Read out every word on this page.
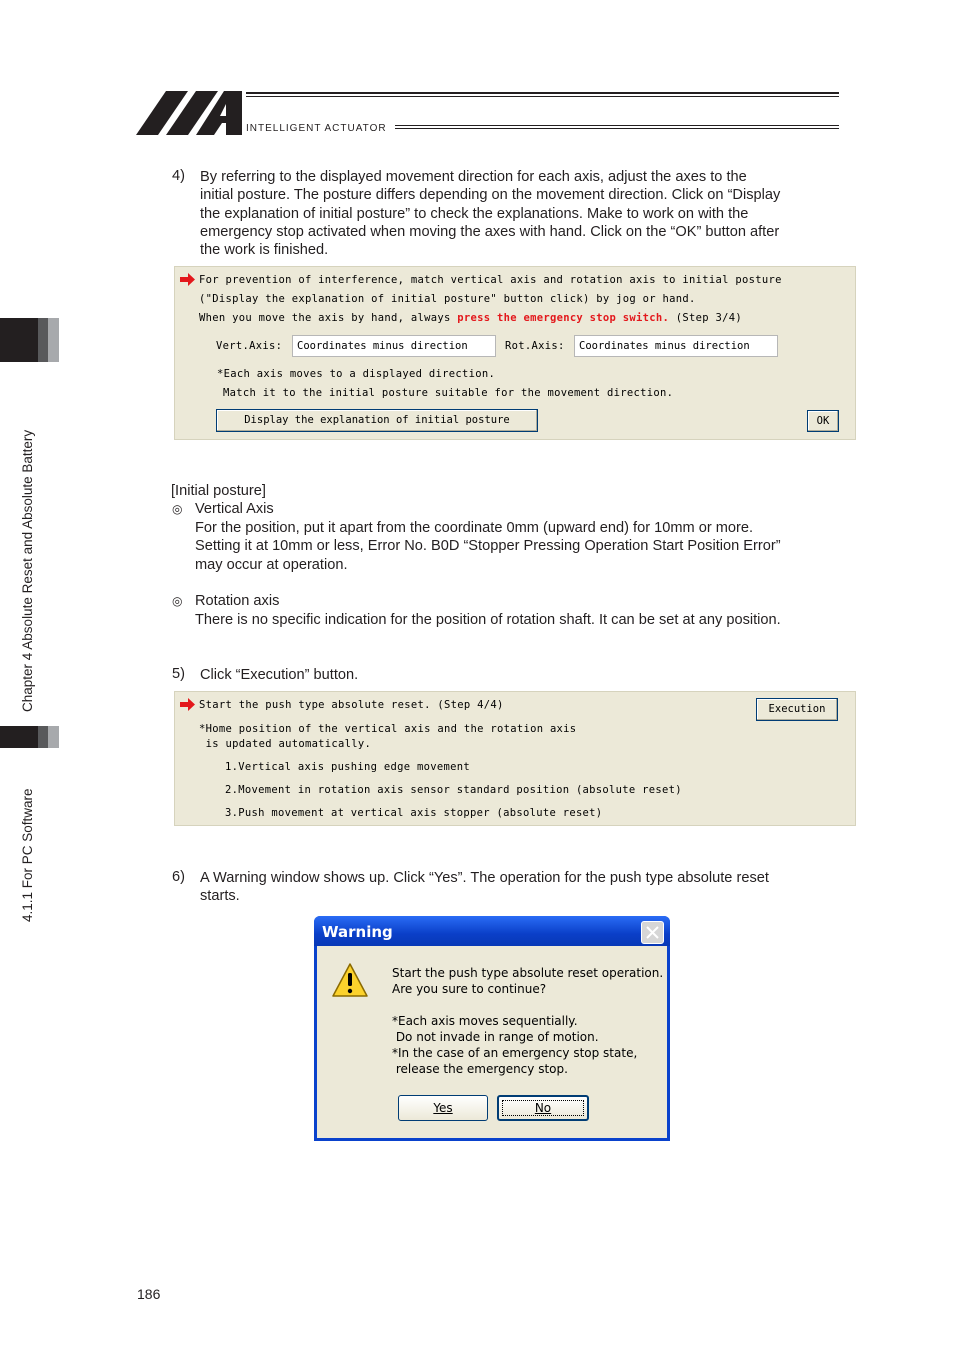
INTELLIGENT ACTUATOR
Chapter 4 Absolute Reset and Absolute Battery
4.1.1 For PC Software
4) By referring to the displayed movement direction for each axis, adjust the axes to the
initial posture. The posture differs depending on the movement direction. Click on “Display
the explanation of initial posture” to check the explanations. Make to work on with the
emergency stop activated when moving the axes with hand. Click on the “OK” button after
the work is finished.
For prevention of interference, match vertical axis and rotation axis to initial posture
("Display the explanation of initial posture" button click) by jog or hand.
When you move the axis by hand, always press the emergency stop switch. (Step 3/4)
Vert.Axis:	Coordinates minus direction	Rot.Axis:	Coordinates minus direction
*Each axis moves to a displayed direction.
Match it to the initial posture suitable for the movement direction.
Display the explanation of initial posture	OK
[Initial posture]
◎ Vertical Axis
For the position, put it apart from the coordinate 0mm (upward end) for 10mm or more.
Setting it at 10mm or less, Error No. B0D “Stopper Pressing Operation Start Position Error”
may occur at operation.
◎ Rotation axis
There is no specific indication for the position of rotation shaft. It can be set at any position.
5) Click “Execution” button.
Start the push type absolute reset. (Step 4/4)	Execution
*Home position of the vertical axis and the rotation axis
is updated automatically.
1.Vertical axis pushing edge movement
2.Movement in rotation axis sensor standard position (absolute reset)
3.Push movement at vertical axis stopper (absolute reset)
6) A Warning window shows up. Click “Yes”. The operation for the push type absolute reset
starts.
Warning
Start the push type absolute reset operation.
Are you sure to continue?
*Each axis moves sequentially.
Do not invade in range of motion.
*In the case of an emergency stop state,
release the emergency stop.
Yes	No
186
